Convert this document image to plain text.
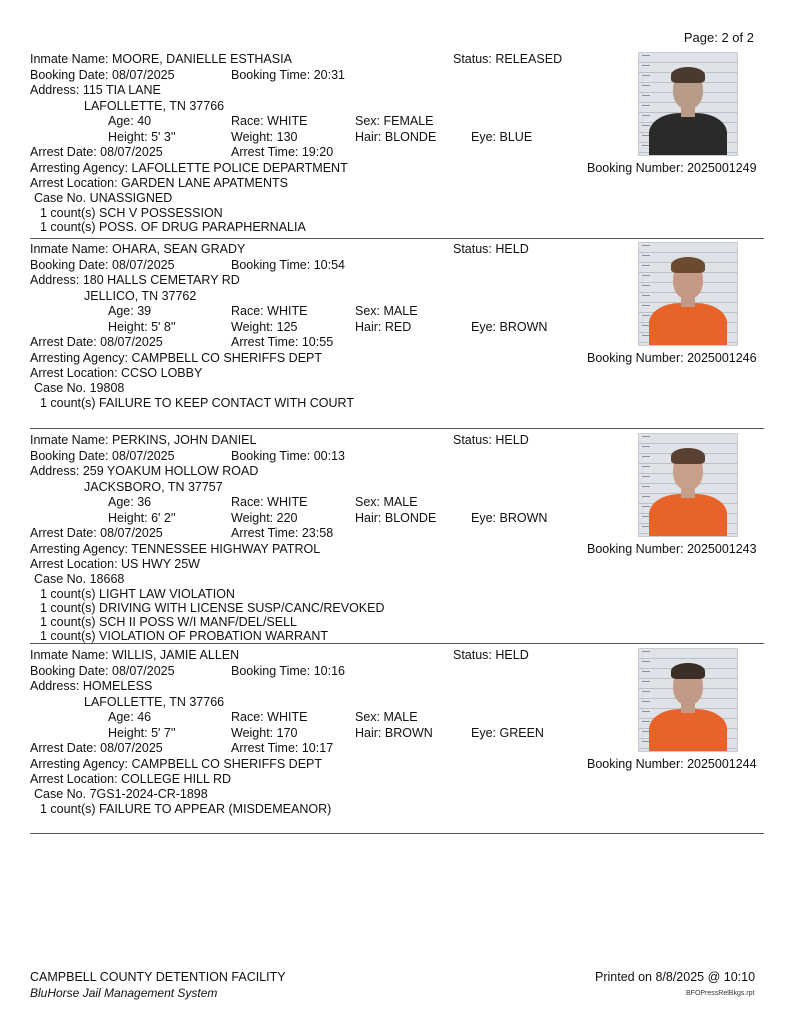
Page: 2 of 2
Inmate Name: MOORE, DANIELLE ESTHASIA	Status: RELEASED
Booking Date: 08/07/2025	Booking Time: 20:31
Address: 115 TIA LANE
LAFOLLETTE, TN 37766
Age: 40	Race: WHITE	Sex: FEMALE
Height: 5' 3''	Weight: 130	Hair: BLONDE	Eye: BLUE
Arrest Date: 08/07/2025	Arrest Time: 19:20
Arresting Agency: LAFOLLETTE POLICE DEPARTMENT	Booking Number: 2025001249
Arrest Location: GARDEN LANE APATMENTS
Case No. UNASSIGNED
1 count(s) SCH V POSSESSION
1 count(s) POSS. OF DRUG PARAPHERNALIA
Inmate Name: OHARA, SEAN GRADY	Status: HELD
Booking Date: 08/07/2025	Booking Time: 10:54
Address: 180 HALLS CEMETARY RD
JELLICO, TN 37762
Age: 39	Race: WHITE	Sex: MALE
Height: 5' 8''	Weight: 125	Hair: RED	Eye: BROWN
Arrest Date: 08/07/2025	Arrest Time: 10:55
Arresting Agency: CAMPBELL CO SHERIFFS DEPT	Booking Number: 2025001246
Arrest Location: CCSO LOBBY
Case No. 19808
1 count(s) FAILURE TO KEEP CONTACT WITH COURT
Inmate Name: PERKINS, JOHN DANIEL	Status: HELD
Booking Date: 08/07/2025	Booking Time: 00:13
Address: 259 YOAKUM HOLLOW ROAD
JACKSBORO, TN 37757
Age: 36	Race: WHITE	Sex: MALE
Height: 6' 2''	Weight: 220	Hair: BLONDE	Eye: BROWN
Arrest Date: 08/07/2025	Arrest Time: 23:58
Arresting Agency: TENNESSEE HIGHWAY PATROL	Booking Number: 2025001243
Arrest Location: US HWY 25W
Case No. 18668
1 count(s) LIGHT LAW VIOLATION
1 count(s) DRIVING WITH LICENSE SUSP/CANC/REVOKED
1 count(s) SCH II POSS W/I MANF/DEL/SELL
1 count(s) VIOLATION OF PROBATION WARRANT
Inmate Name: WILLIS, JAMIE ALLEN	Status: HELD
Booking Date: 08/07/2025	Booking Time: 10:16
Address: HOMELESS
LAFOLLETTE, TN 37766
Age: 46	Race: WHITE	Sex: MALE
Height: 5' 7''	Weight: 170	Hair: BROWN	Eye: GREEN
Arrest Date: 08/07/2025	Arrest Time: 10:17
Arresting Agency: CAMPBELL CO SHERIFFS DEPT	Booking Number: 2025001244
Arrest Location: COLLEGE HILL RD
Case No. 7GS1-2024-CR-1898
1 count(s) FAILURE TO APPEAR (MISDEMEANOR)
CAMPBELL COUNTY DETENTION FACILITY
BluHorse Jail Management System
Printed on 8/8/2025 @ 10:10
BFOPressRelBkgs.rpt
